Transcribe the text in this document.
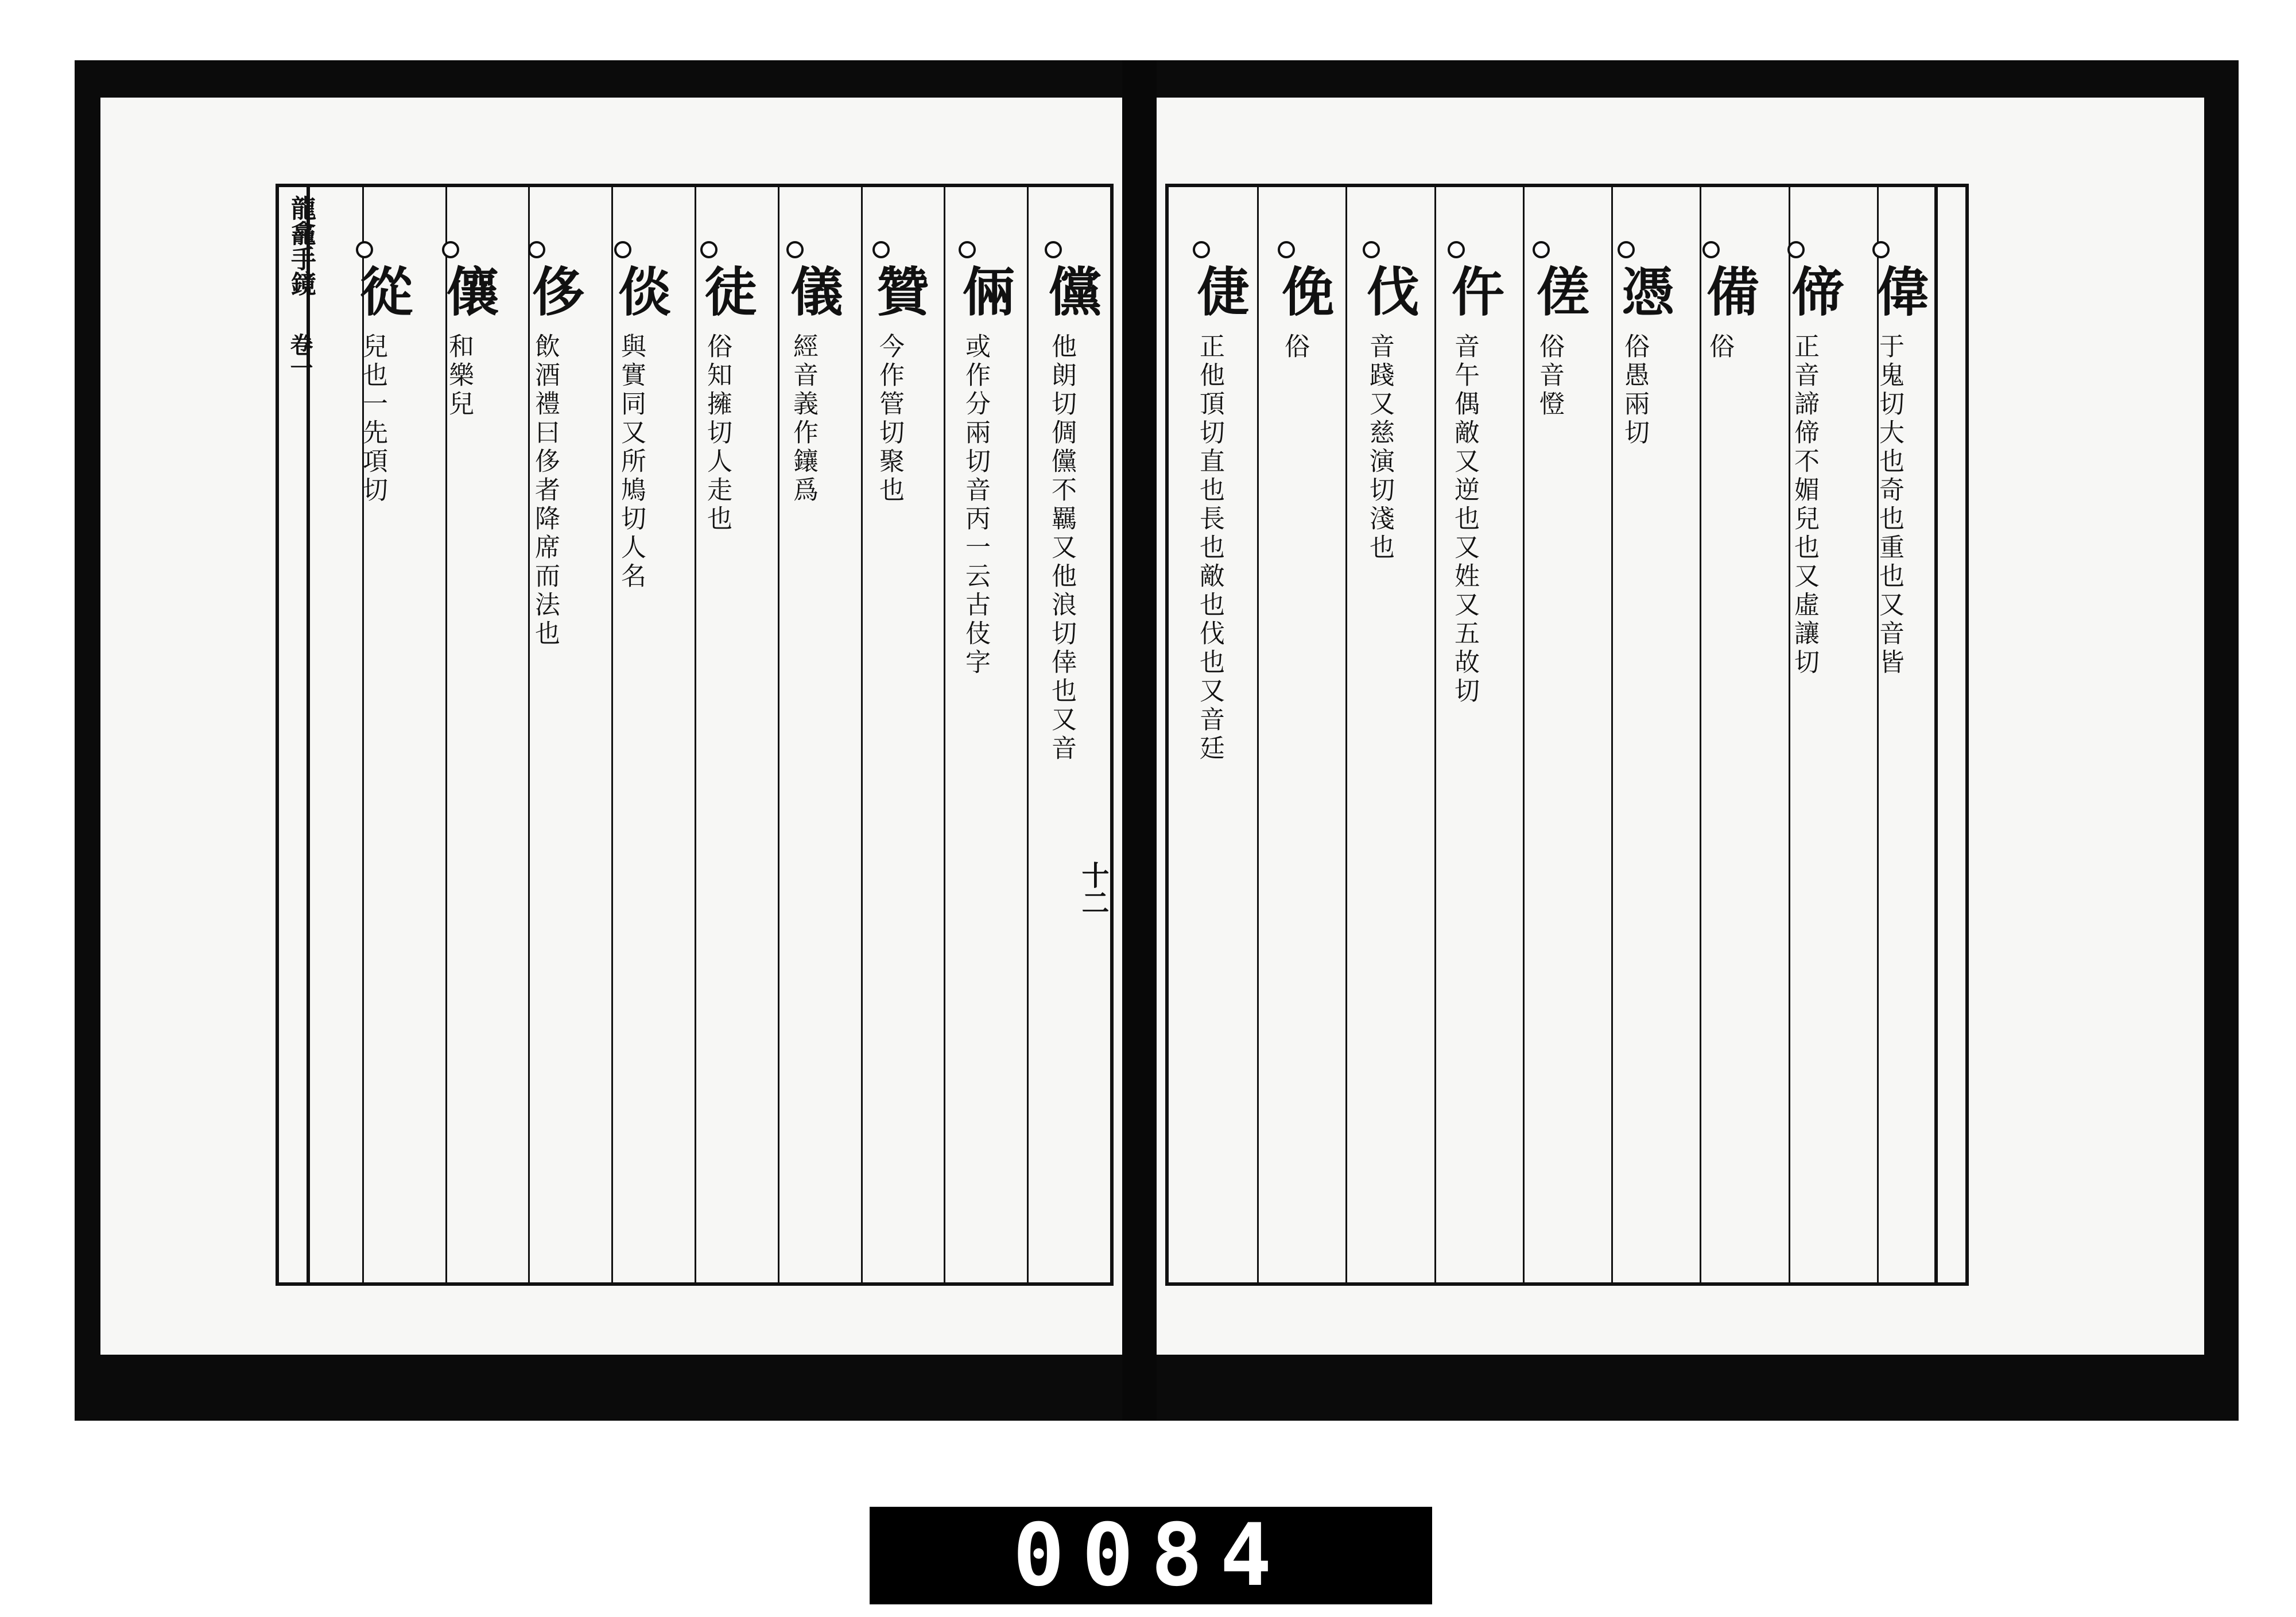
龍龕手鏡
卷一
十二
偉
于鬼切大也奇也重也又音皆
偙
正音諦偙不媚兒也又虛讓切
備
俗
憑
俗愚兩切
傞
俗音憕
仵
音午偶敵又逆也又姓又五故切
伐
音踐又慈演切淺也
俛
俗
倢
正他頂切直也長也敵也伐也又音廷
儻
他朗切倜儻不羈又他浪切倖也又音
倆
或作分兩切音丙一云古伎字
贊
今作管切聚也
儀
經音義作鑲爲
徒
俗知擁切人走也
倓
與實同又所鳩切人名
侈
飲酒禮曰侈者降席而法也
儴
和樂兒
從
兒也一先項切
0084
